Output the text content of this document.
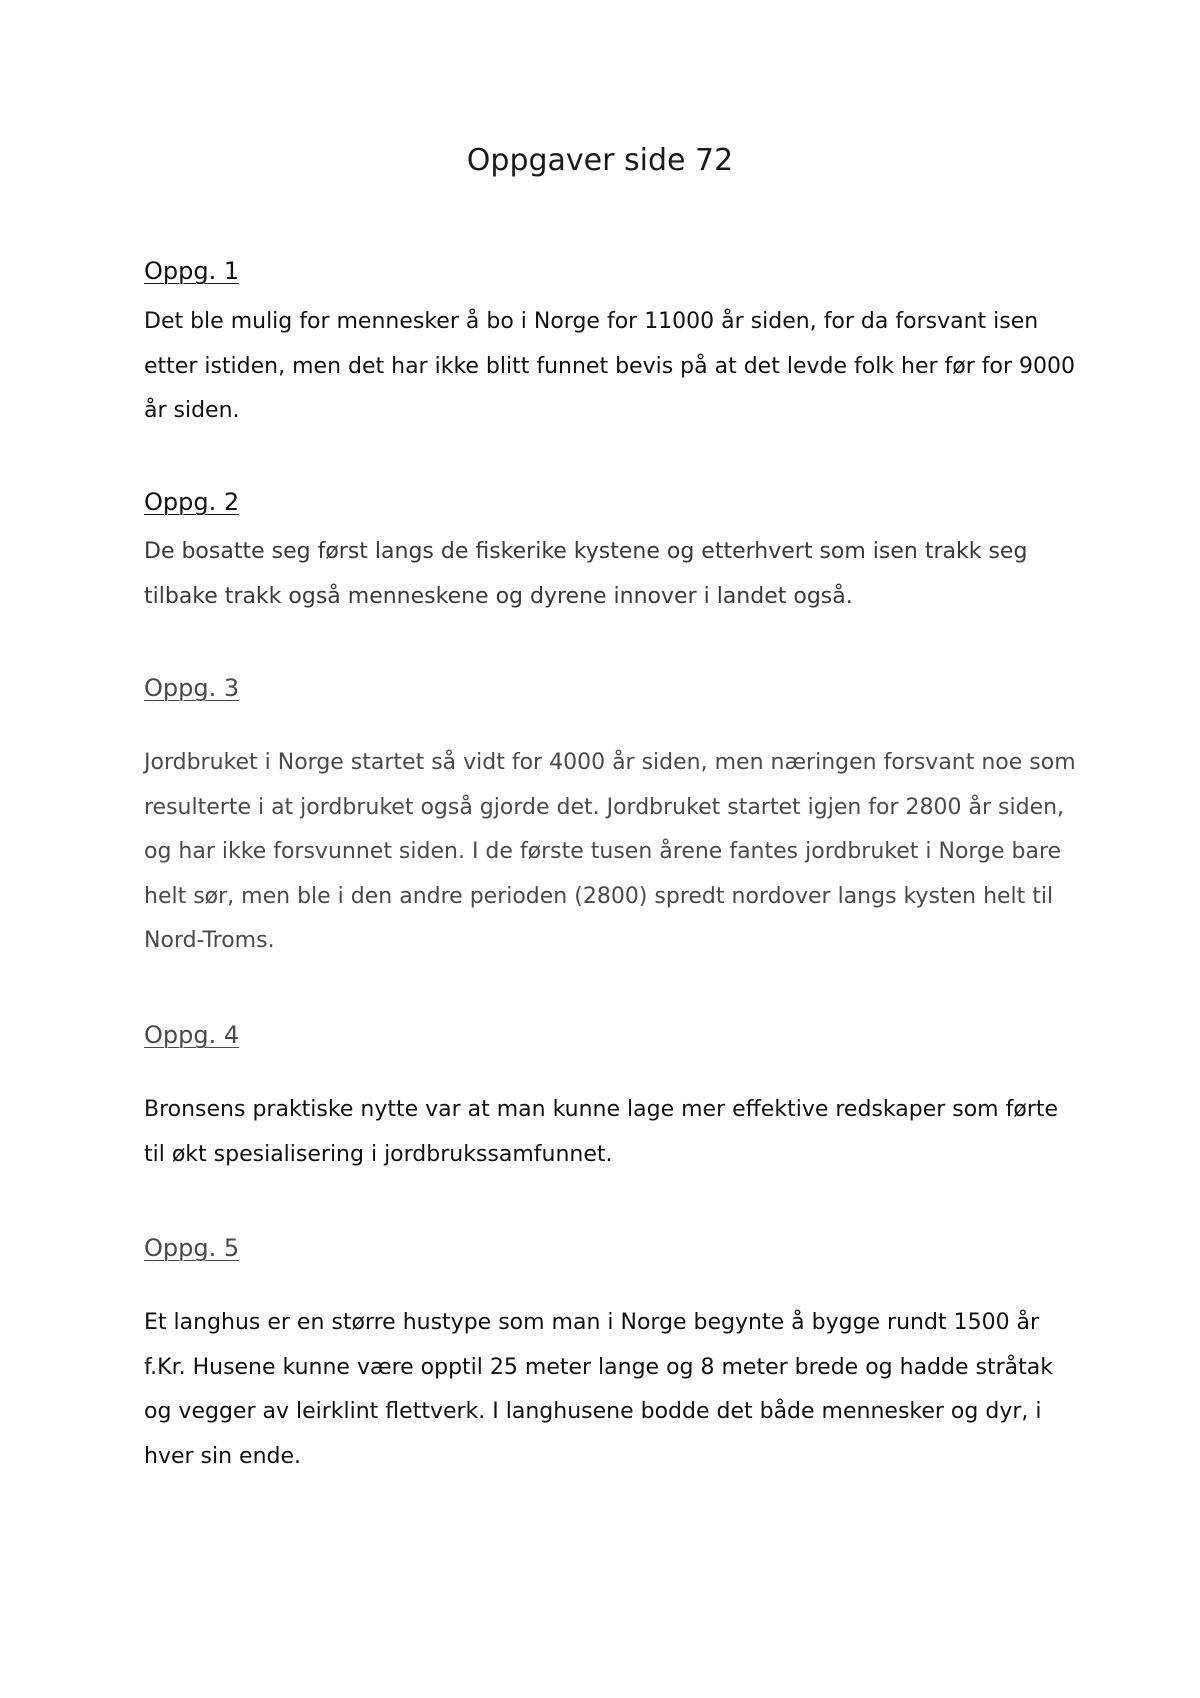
Oppgaver side 72
Oppg. 1

Det ble mulig for mennesker å bo i Norge for 11000 år siden, for da forsvant isen etter istiden, men det har ikke blitt funnet bevis på at det levde folk her før for 9000 år siden.

Oppg. 2

De bosatte seg først langs de fiskerike kystene og etterhvert som isen trakk seg tilbake trakk også menneskene og dyrene innover i landet også.

Oppg. 3

Jordbruket i Norge startet så vidt for 4000 år siden, men næringen forsvant noe som resulterte i at jordbruket også gjorde det. Jordbruket startet igjen for 2800 år siden, og har ikke forsvunnet siden. I de første tusen årene fantes jordbruket i Norge bare helt sør, men ble i den andre perioden (2800) spredt nordover langs kysten helt til Nord-Troms.

Oppg. 4

Bronsens praktiske nytte var at man kunne lage mer effektive redskaper som førte til økt spesialisering i jordbrukssamfunnet.

Oppg. 5

Et langhus er en større hustype som man i Norge begynte å bygge rundt 1500 år f.Kr. Husene kunne være opptil 25 meter lange og 8 meter brede og hadde stråtak og vegger av leirklint flettverk. I langhusene bodde det både mennesker og dyr, i hver sin ende.
